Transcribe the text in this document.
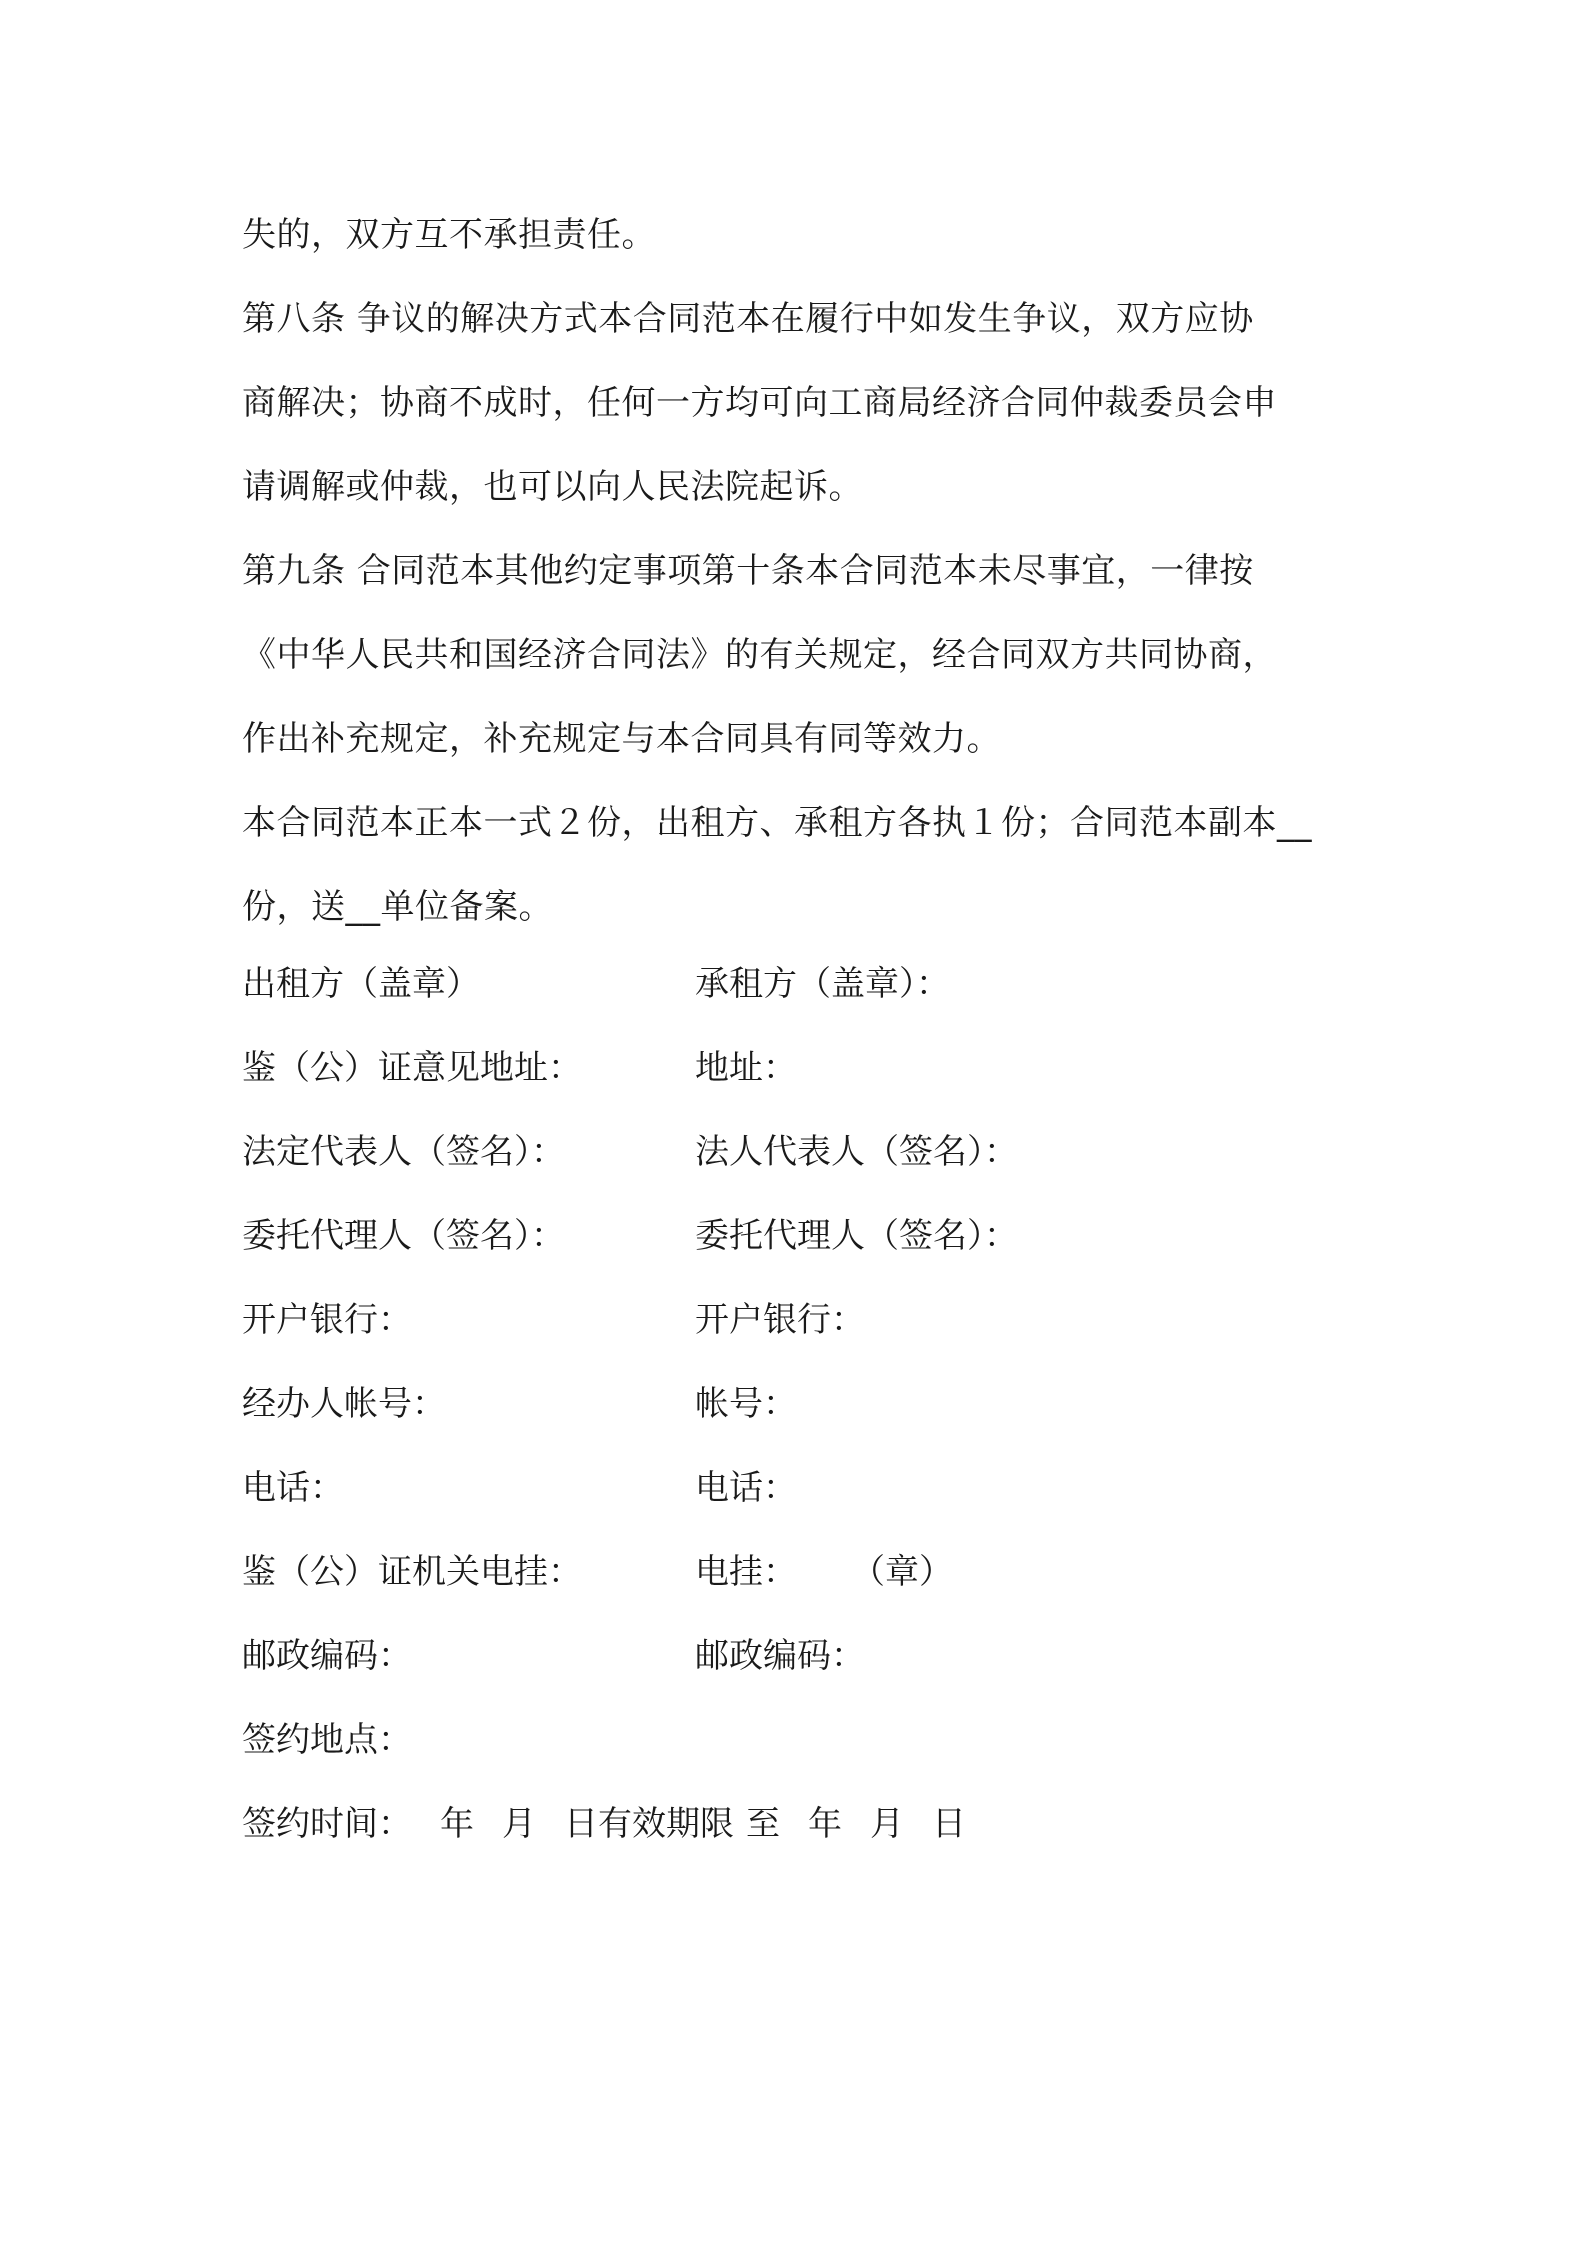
失的，双方互不承担责任。
第八条 争议的解决方式本合同范本在履行中如发生争议，双方应协
商解决；协商不成时，任何一方均可向工商局经济合同仲裁委员会申
请调解或仲裁，也可以向人民法院起诉。
第九条 合同范本其他约定事项第十条本合同范本未尽事宜，一律按
《中华人民共和国经济合同法》的有关规定，经合同双方共同协商，
作出补充规定，补充规定与本合同具有同等效力。
本合同范本正本一式２份，出租方、承租方各执１份；合同范本副本__
份，送__单位备案。
出租方（盖章）	承租方（盖章）：
鉴（公）证意见地址：	地址：
法定代表人（签名）：	法人代表人（签名）：
委托代理人（签名）：	委托代理人（签名）：
开户银行：	开户银行：
经办人帐号：	帐号：
电话：	电话：
鉴（公）证机关电挂：	电挂： （章）
邮政编码：	邮政编码：
签约地点：
签约时间： 年 月 日有效期限 至 年 月 日
